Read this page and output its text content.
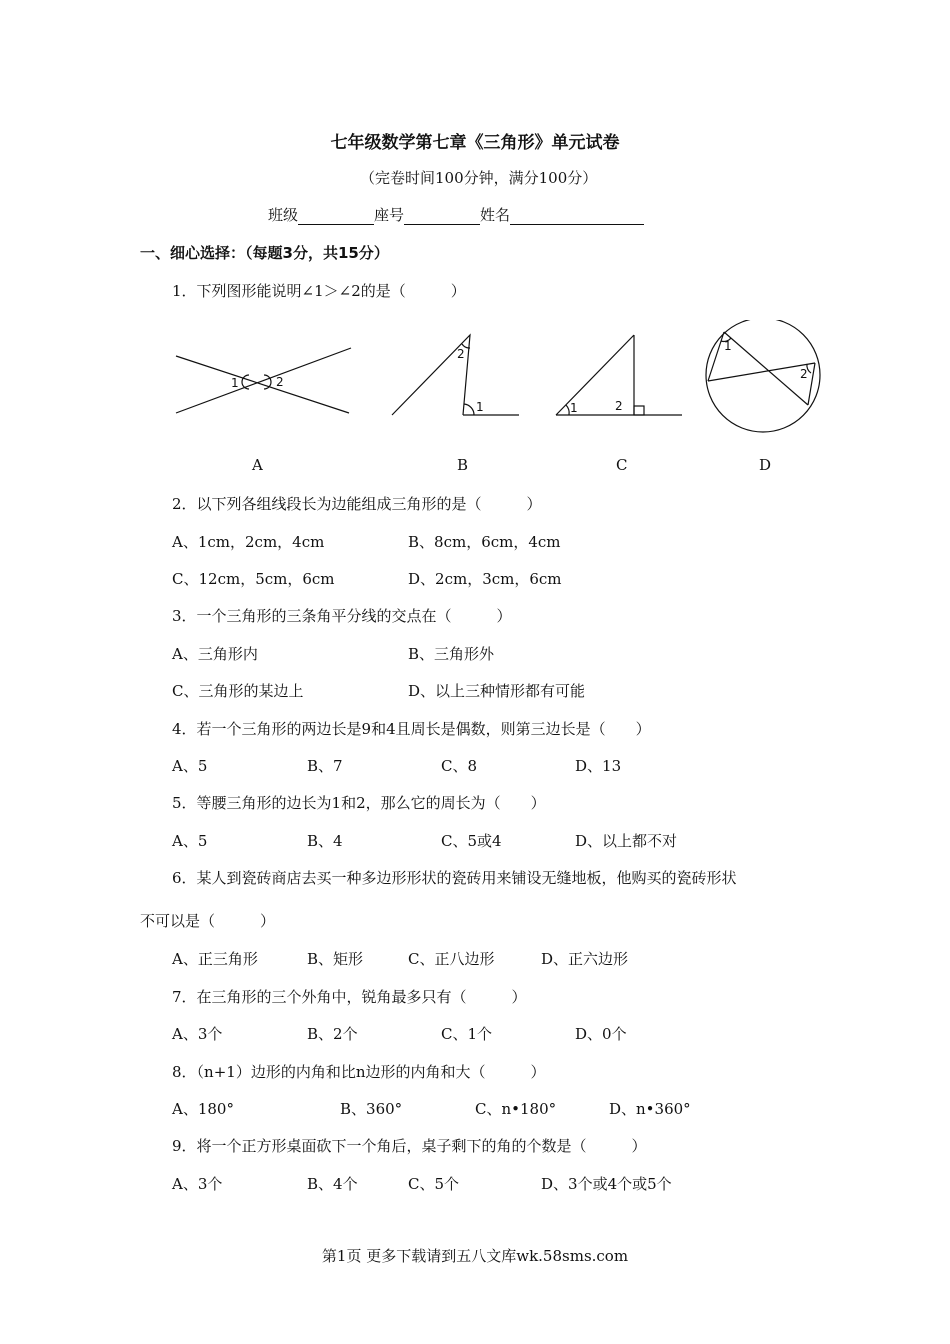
七年级数学第七章《三角形》单元试卷
（完卷时间100分钟，满分100分）
班级	座号	姓名
一、细心选择：（每题3分，共15分）
1．下列图形能说明∠1＞∠2的是（　　　）
1	2
2
1	1	2
1
2
A	B	C	D
2．以下列各组线段长为边能组成三角形的是（　　　）
A、1cm，2cm，4cm	B、8cm，6cm，4cm
C、12cm，5cm，6cm	D、2cm，3cm，6cm
3．一个三角形的三条角平分线的交点在（　　　）
A、三角形内	B、三角形外
C、三角形的某边上	D、以上三种情形都有可能
4．若一个三角形的两边长是9和4且周长是偶数，则第三边长是（　　）
A、5	B、7	C、8	D、13
5．等腰三角形的边长为1和2，那么它的周长为（　　）
A、5	B、4	C、5或4	D、以上都不对
6．某人到瓷砖商店去买一种多边形形状的瓷砖用来铺设无缝地板，他购买的瓷砖形状
不可以是（　　　）
A、正三角形	B、矩形	C、正八边形	D、正六边形
7．在三角形的三个外角中，锐角最多只有（　　　）
A、3个	B、2个	C、1个	D、0个
8．（n+1）边形的内角和比n边形的内角和大（　　　）
A、180°	B、360°	C、n•180°	D、n•360°
9．将一个正方形桌面砍下一个角后，桌子剩下的角的个数是（　　　）
A、3个	B、4个	C、5个	D、3个或4个或5个
第1页 更多下载请到五八文库wk.58sms.com
